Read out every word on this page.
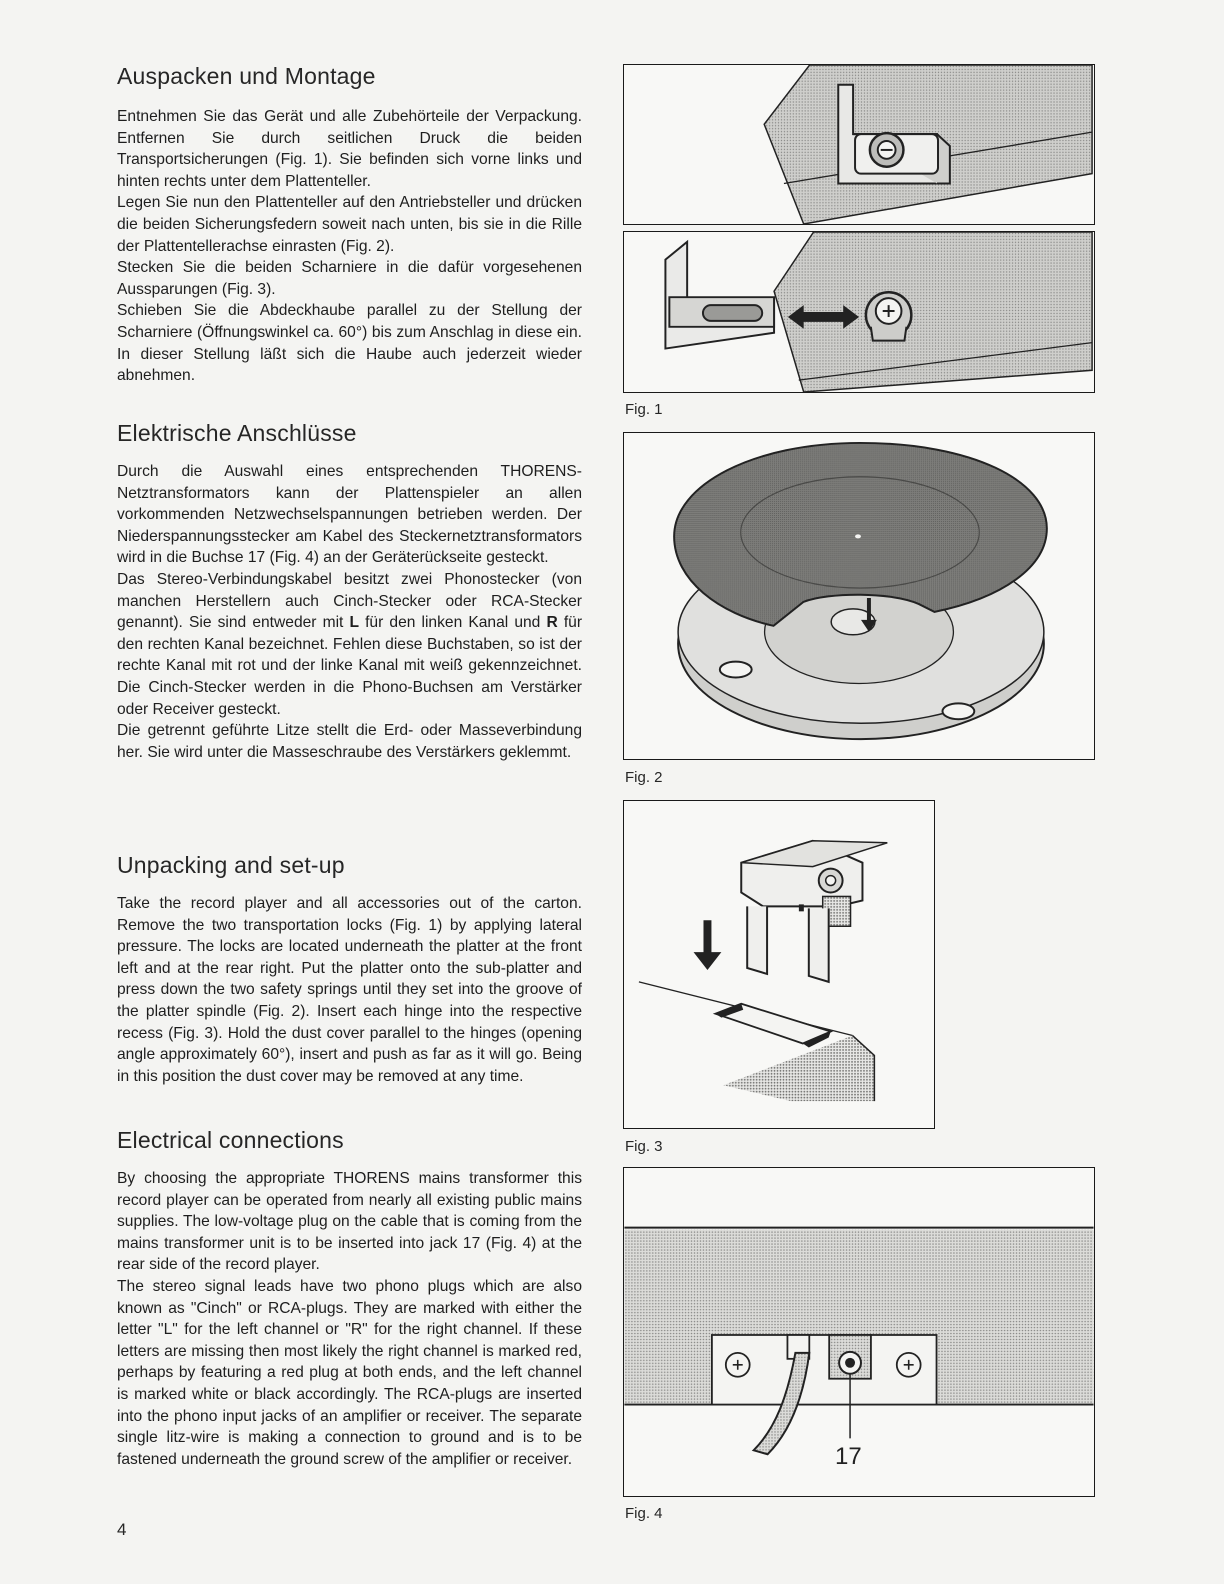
Auspacken und Montage

Entnehmen Sie das Gerät und alle Zubehörteile der Verpackung. Entfernen Sie durch seitlichen Druck die beiden Transportsicherungen (Fig. 1). Sie befinden sich vorne links und hinten rechts unter dem Plattenteller.

Legen Sie nun den Plattenteller auf den Antriebsteller und drücken die beiden Sicherungsfedern soweit nach unten, bis sie in die Rille der Plattentellerachse einrasten (Fig. 2).

Stecken Sie die beiden Scharniere in die dafür vorgesehenen Aussparungen (Fig. 3).

Schieben Sie die Abdeckhaube parallel zu der Stellung der Scharniere (Öffnungswinkel ca. 60°) bis zum Anschlag in diese ein. In dieser Stellung läßt sich die Haube auch jederzeit wieder abnehmen.

Elektrische Anschlüsse

Durch die Auswahl eines entsprechenden THORENS-Netztransformators kann der Plattenspieler an allen vorkommenden Netzwechselspannungen betrieben werden. Der Niederspannungsstecker am Kabel des Steckernetztransformators wird in die Buchse 17 (Fig. 4) an der Geräterückseite gesteckt.

Das Stereo-Verbindungskabel besitzt zwei Phonostecker (von manchen Herstellern auch Cinch-Stecker oder RCA-Stecker genannt). Sie sind entweder mit L für den linken Kanal und R für den rechten Kanal bezeichnet. Fehlen diese Buchstaben, so ist der rechte Kanal mit rot und der linke Kanal mit weiß gekennzeichnet. Die Cinch-Stecker werden in die Phono-Buchsen am Verstärker oder Receiver gesteckt.

Die getrennt geführte Litze stellt die Erd- oder Masseverbindung her. Sie wird unter die Masseschraube des Verstärkers geklemmt.

Unpacking and set-up

Take the record player and all accessories out of the carton. Remove the two transportation locks (Fig. 1) by applying lateral pressure. The locks are located underneath the platter at the front left and at the rear right. Put the platter onto the sub-platter and press down the two safety springs until they set into the groove of the platter spindle (Fig. 2). Insert each hinge into the respective recess (Fig. 3). Hold the dust cover parallel to the hinges (opening angle approximately 60°), insert and push as far as it will go. Being in this position the dust cover may be removed at any time.

Electrical connections

By choosing the appropriate THORENS mains transformer this record player can be operated from nearly all existing public mains supplies. The low-voltage plug on the cable that is coming from the mains transformer unit is to be inserted into jack 17 (Fig. 4) at the rear side of the record player.

The stereo signal leads have two phono plugs which are also known as "Cinch" or RCA-plugs. They are marked with either the letter "L" for the left channel or "R" for the right channel. If these letters are missing then most likely the right channel is marked red, perhaps by featuring a red plug at both ends, and the left channel is marked white or black accordingly. The RCA-plugs are inserted into the phono input jacks of an amplifier or receiver. The separate single litz-wire is making a connection to ground and is to be fastened underneath the ground screw of the amplifier or receiver.

Fig. 1
Fig. 2
Fig. 3
17
Fig. 4
4
